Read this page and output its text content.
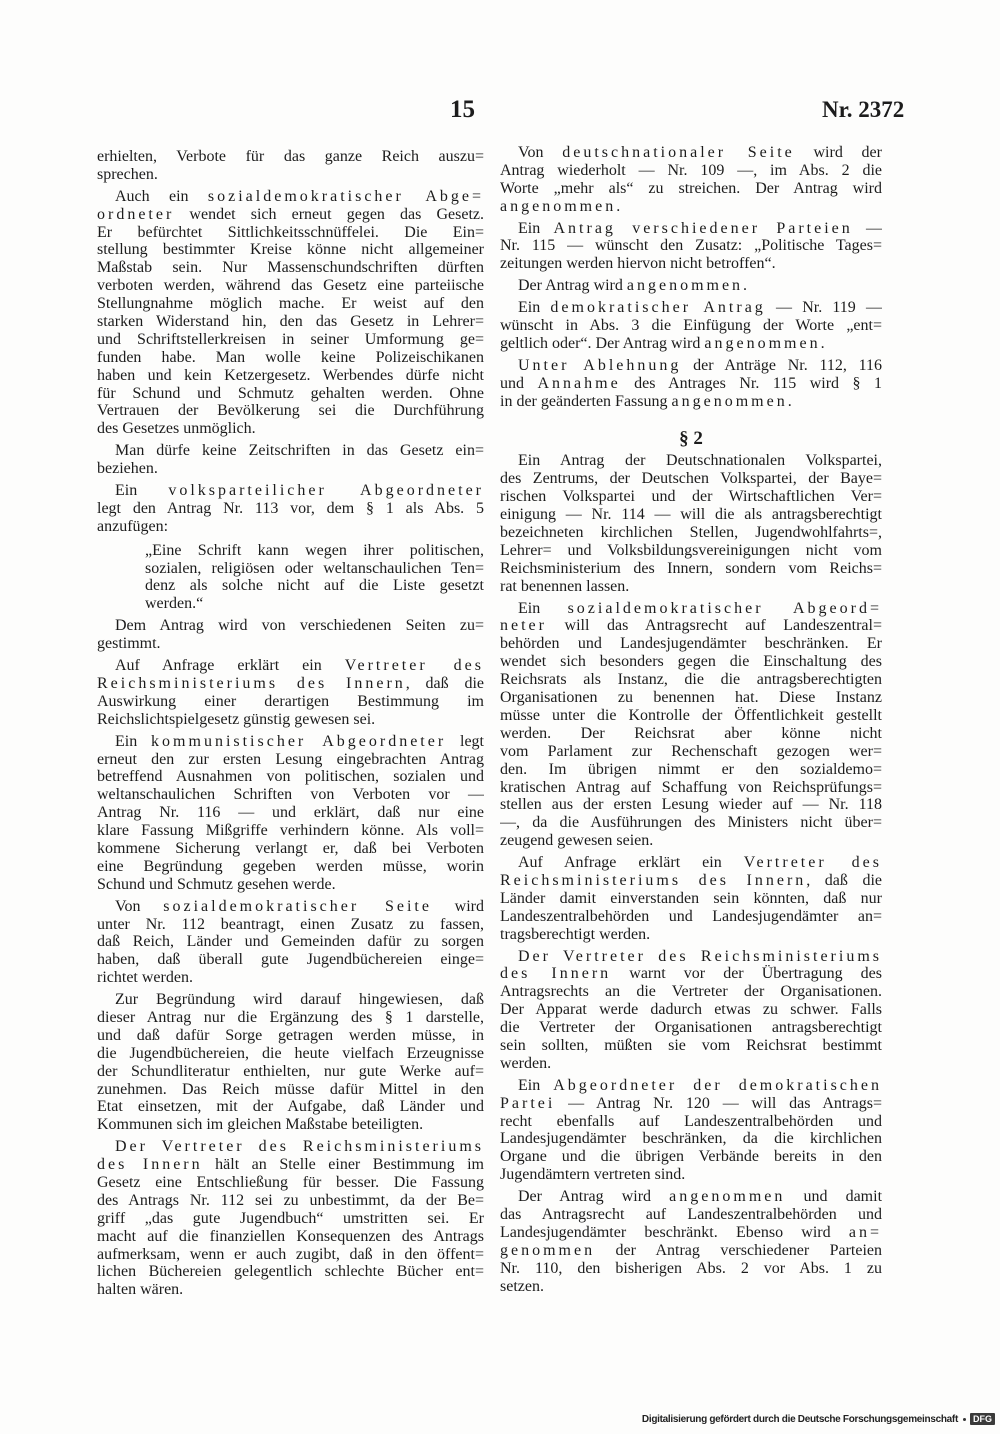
15	Nr. 2372
erhielten, Verbote für das ganze Reich auszu=
sprechen.
Auch ein sozialdemokratischer Abge=
ordneter wendet sich erneut gegen das Gesetz.
Er befürchtet Sittlichkeitsschnüffelei. Die Ein=
stellung bestimmter Kreise könne nicht allgemeiner
Maßstab sein. Nur Massenschundschriften dürften
verboten werden, während das Gesetz eine parteiische
Stellungnahme möglich mache. Er weist auf den
starken Widerstand hin, den das Gesetz in Lehrer=
und Schriftstellerkreisen in seiner Umformung ge=
funden habe. Man wolle keine Polizeischikanen
haben und kein Ketzergesetz. Werbendes dürfe nicht
für Schund und Schmutz gehalten werden. Ohne
Vertrauen der Bevölkerung sei die Durchführung
des Gesetzes unmöglich.
Man dürfe keine Zeitschriften in das Gesetz ein=
beziehen.
Ein volksparteilicher Abgeordneter
legt den Antrag Nr. 113 vor, dem § 1 als Abs. 5
anzufügen:
„Eine Schrift kann wegen ihrer politischen,
sozialen, religiösen oder weltanschaulichen Ten=
denz als solche nicht auf die Liste gesetzt
werden.“
Dem Antrag wird von verschiedenen Seiten zu=
gestimmt.
Auf Anfrage erklärt ein Vertreter des
Reichsministeriums des Innern, daß die
Auswirkung einer derartigen Bestimmung im
Reichslichtspielgesetz günstig gewesen sei.
Ein kommunistischer Abgeordneter legt
erneut den zur ersten Lesung eingebrachten Antrag
betreffend Ausnahmen von politischen, sozialen und
weltanschaulichen Schriften von Verboten vor —
Antrag Nr. 116 — und erklärt, daß nur eine
klare Fassung Mißgriffe verhindern könne. Als voll=
kommene Sicherung verlangt er, daß bei Verboten
eine Begründung gegeben werden müsse, worin
Schund und Schmutz gesehen werde.
Von sozialdemokratischer Seite wird
unter Nr. 112 beantragt, einen Zusatz zu fassen,
daß Reich, Länder und Gemeinden dafür zu sorgen
haben, daß überall gute Jugendbüchereien einge=
richtet werden.
Zur Begründung wird darauf hingewiesen, daß
dieser Antrag nur die Ergänzung des § 1 darstelle,
und daß dafür Sorge getragen werden müsse, in
die Jugendbüchereien, die heute vielfach Erzeugnisse
der Schundliteratur enthielten, nur gute Werke auf=
zunehmen. Das Reich müsse dafür Mittel in den
Etat einsetzen, mit der Aufgabe, daß Länder und
Kommunen sich im gleichen Maßstabe beteiligten.
Der Vertreter des Reichsministeriums
des Innern hält an Stelle einer Bestimmung im
Gesetz eine Entschließung für besser. Die Fassung
des Antrags Nr. 112 sei zu unbestimmt, da der Be=
griff „das gute Jugendbuch“ umstritten sei. Er
macht auf die finanziellen Konsequenzen des Antrags
aufmerksam, wenn er auch zugibt, daß in den öffent=
lichen Büchereien gelegentlich schlechte Bücher ent=
halten wären.
Von deutschnationaler Seite wird der
Antrag wiederholt — Nr. 109 —, im Abs. 2 die
Worte „mehr als“ zu streichen. Der Antrag wird
angenommen.
Ein Antrag verschiedener Parteien —
Nr. 115 — wünscht den Zusatz: „Politische Tages=
zeitungen werden hiervon nicht betroffen“.
Der Antrag wird angenommen.
Ein demokratischer Antrag — Nr. 119 —
wünscht in Abs. 3 die Einfügung der Worte „ent=
geltlich oder“. Der Antrag wird angenommen.
Unter Ablehnung der Anträge Nr. 112, 116
und Annahme des Antrages Nr. 115 wird § 1
in der geänderten Fassung angenommen.
§ 2
Ein Antrag der Deutschnationalen Volkspartei,
des Zentrums, der Deutschen Volkspartei, der Baye=
rischen Volkspartei und der Wirtschaftlichen Ver=
einigung — Nr. 114 — will die als antragsberechtigt
bezeichneten kirchlichen Stellen, Jugendwohlfahrts=,
Lehrer= und Volksbildungsvereinigungen nicht vom
Reichsministerium des Innern, sondern vom Reichs=
rat benennen lassen.
Ein sozialdemokratischer Abgeord=
neter will das Antragsrecht auf Landeszentral=
behörden und Landesjugendämter beschränken. Er
wendet sich besonders gegen die Einschaltung des
Reichsrats als Instanz, die die antragsberechtigten
Organisationen zu benennen hat. Diese Instanz
müsse unter die Kontrolle der Öffentlichkeit gestellt
werden. Der Reichsrat aber könne nicht
vom Parlament zur Rechenschaft gezogen wer=
den. Im übrigen nimmt er den sozialdemo=
kratischen Antrag auf Schaffung von Reichsprüfungs=
stellen aus der ersten Lesung wieder auf — Nr. 118
—, da die Ausführungen des Ministers nicht über=
zeugend gewesen seien.
Auf Anfrage erklärt ein Vertreter des
Reichsministeriums des Innern, daß die
Länder damit einverstanden sein könnten, daß nur
Landeszentralbehörden und Landesjugendämter an=
tragsberechtigt werden.
Der Vertreter des Reichsministeriums
des Innern warnt vor der Übertragung des
Antragsrechts an die Vertreter der Organisationen.
Der Apparat werde dadurch etwas zu schwer. Falls
die Vertreter der Organisationen antragsberechtigt
sein sollten, müßten sie vom Reichsrat bestimmt
werden.
Ein Abgeordneter der demokratischen
Partei — Antrag Nr. 120 — will das Antrags=
recht ebenfalls auf Landeszentralbehörden und
Landesjugendämter beschränken, da die kirchlichen
Organe und die übrigen Verbände bereits in den
Jugendämtern vertreten sind.
Der Antrag wird angenommen und damit
das Antragsrecht auf Landeszentralbehörden und
Landesjugendämter beschränkt. Ebenso wird an=
genommen der Antrag verschiedener Parteien
Nr. 110, den bisherigen Abs. 2 vor Abs. 1 zu
setzen.
Digitalisierung gefördert durch die Deutsche Forschungsgemeinschaft	DFG
